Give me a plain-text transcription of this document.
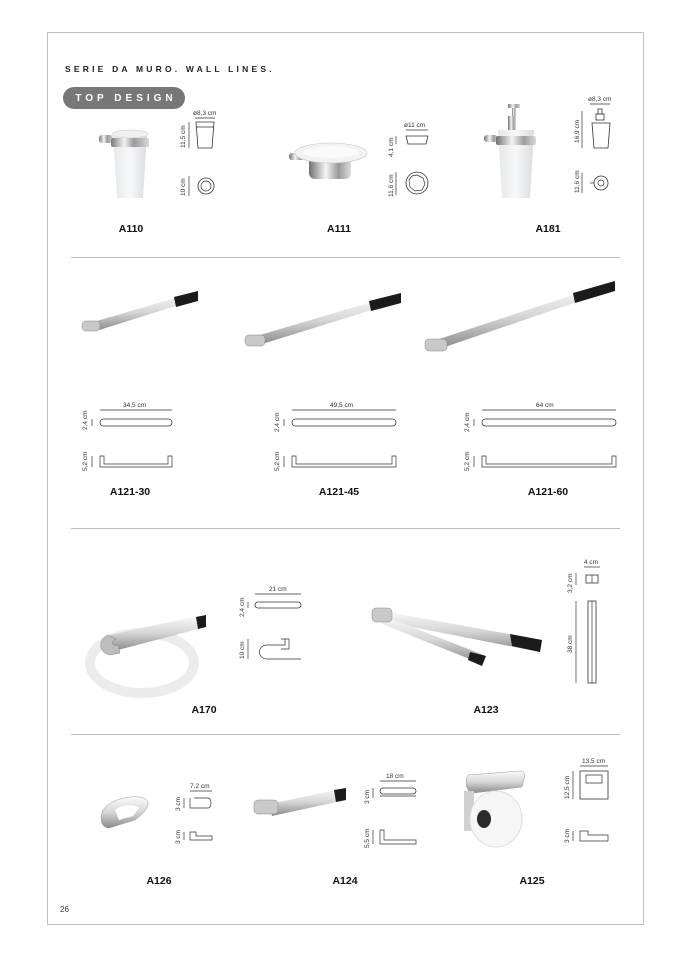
SERIE DA MURO. WALL LINES.
TOP DESIGN
ø8,3 cm
11,5 cm
10 cm
A110
ø11 cm
4,1 cm
11,6 cm
A111
ø8,3 cm
16,9 cm
11,6 cm
A181
34,5 cm
2,4 cm
5,2 cm
49,5 cm
2,4 cm
5,2 cm
64 cm
2,4 cm
5,2 cm
A121-30	A121-45	A121-60
21 cm
2,4 cm
10 cm
A170
4 cm
3,2 cm
38 cm
A123
7,2 cm
3 cm
3 cm
A126
18 cm
3 cm
5,5 cm
A124
13,5 cm
12,5 cm
3 cm
A125
26
